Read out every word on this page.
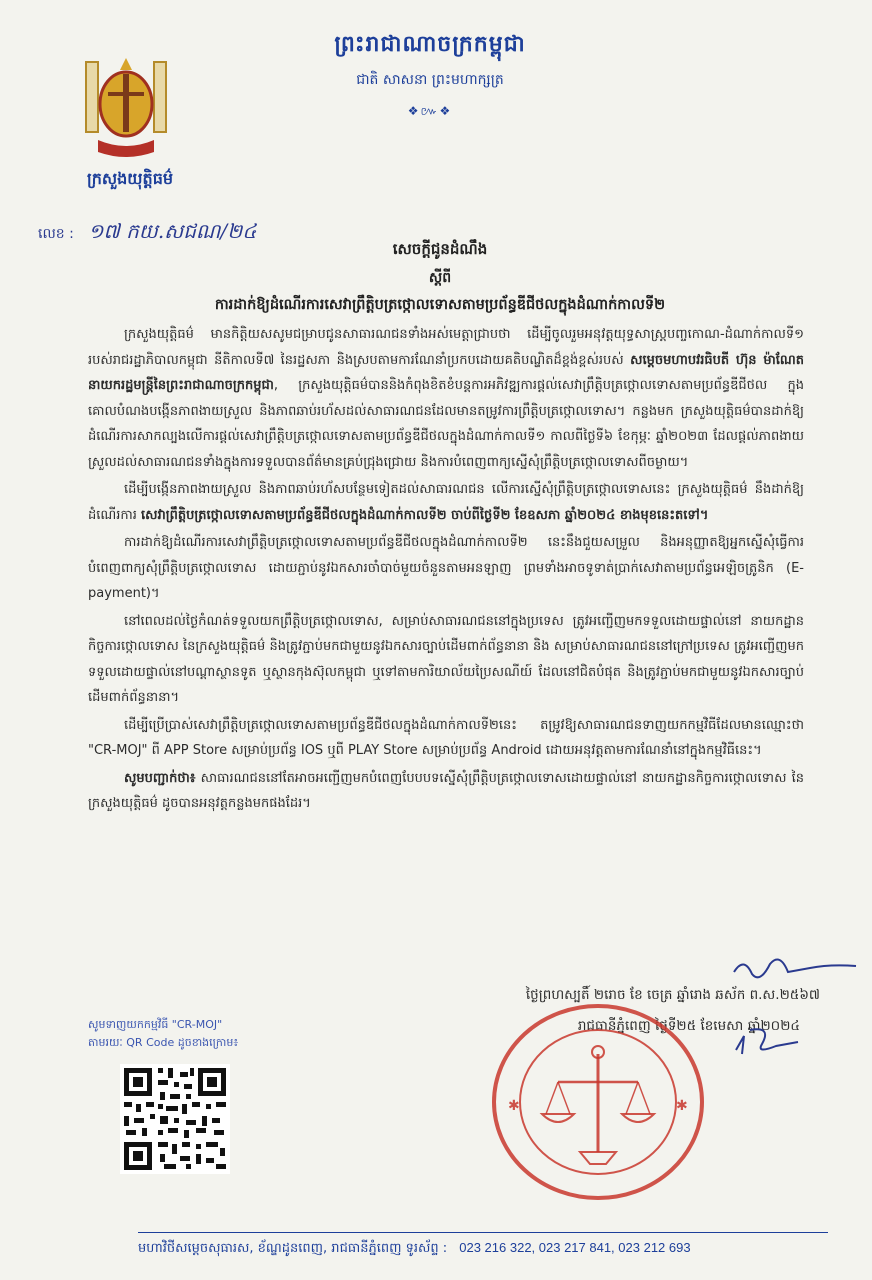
ព្រះរាជាណាចក្រកម្ពុជា
ជាតិ សាសនា ព្រះមហាក្សត្រ
❖៚❖
ក្រសួងយុត្តិធម៌
លេខ : ១៧ កយ.សជណ/២៤
សេចក្ដីជូនដំណឹង
ស្ដីពី
ការដាក់ឱ្យដំណើរការសេវាព្រឹត្តិបត្រថ្កោលទោសតាមប្រព័ន្ធឌីជីថលក្នុងដំណាក់កាលទី២

ក្រសួងយុត្តិធម៌ មានកិត្តិយសសូមជម្រាបជូនសាធារណជនទាំងអស់មេត្តាជ្រាបថា ដើម្បីចូលរួមអនុវត្តយុទ្ធសាស្ត្របញ្ចកោណ-ដំណាក់កាលទី១ របស់រាជរដ្ឋាភិបាលកម្ពុជា នីតិកាលទី៧ នៃរដ្ឋសភា និងស្របតាមការណែនាំប្រកបដោយគតិបណ្ឌិតដ៏ខ្ពង់ខ្ពស់របស់ សម្ដេចមហាបវរធិបតី ហ៊ុន ម៉ាណែត នាយករដ្ឋមន្ត្រីនៃព្រះរាជាណាចក្រកម្ពុជា, ក្រសួងយុត្តិធម៌បាននិងកំពុងខិតខំបន្តការអភិវឌ្ឍការផ្ដល់សេវាព្រឹត្តិបត្រថ្កោលទោសតាមប្រព័ន្ធឌីជីថល ក្នុងគោលបំណងបង្កើនភាពងាយស្រួល និងភាពឆាប់រហ័សដល់សាធារណជនដែលមានតម្រូវការព្រឹត្តិបត្រថ្កោលទោស។ កន្លងមក ក្រសួងយុត្តិធម៌បានដាក់ឱ្យដំណើរការសាកល្បងលើការផ្ដល់សេវាព្រឹត្តិបត្រថ្កោលទោសតាមប្រព័ន្ធឌីជីថលក្នុងដំណាក់កាលទី១ កាលពីថ្ងៃទី៦ ខែកុម្ភៈ ឆ្នាំ២០២៣ ដែលផ្ដល់ភាពងាយស្រួលដល់សាធារណជនទាំងក្នុងការទទួលបានព័ត៌មានគ្រប់ជ្រុងជ្រោយ និងការបំពេញពាក្យស្នើសុំព្រឹត្តិបត្រថ្កោលទោសពីចម្ងាយ។

ដើម្បីបង្កើនភាពងាយស្រួល និងភាពឆាប់រហ័សបន្ថែមទៀតដល់សាធារណជន លើការស្នើសុំព្រឹត្តិបត្រថ្កោលទោសនេះ ក្រសួងយុត្តិធម៌ នឹងដាក់ឱ្យដំណើរការ សេវាព្រឹត្តិបត្រថ្កោលទោសតាមប្រព័ន្ធឌីជីថលក្នុងដំណាក់កាលទី២ ចាប់ពីថ្ងៃទី២ ខែឧសភា ឆ្នាំ២០២៤ ខាងមុខនេះតទៅ។

ការដាក់ឱ្យដំណើរការសេវាព្រឹត្តិបត្រថ្កោលទោសតាមប្រព័ន្ធឌីជីថលក្នុងដំណាក់កាលទី២ នេះនឹងជួយសម្រួល និងអនុញ្ញាតឱ្យអ្នកស្នើសុំធ្វើការបំពេញពាក្យសុំព្រឹត្តិបត្រថ្កោលទោស ដោយភ្ជាប់នូវឯកសារចាំបាច់មួយចំនួនតាមអនឡាញ ព្រមទាំងអាចទូទាត់ប្រាក់សេវាតាមប្រព័ន្ធអេឡិចត្រូនិក (E-payment)។

នៅពេលដល់ថ្ងៃកំណត់ទទួលយកព្រឹត្តិបត្រថ្កោលទោស, សម្រាប់សាធារណជននៅក្នុងប្រទេស ត្រូវអញ្ជើញមកទទួលដោយផ្ទាល់នៅ នាយកដ្ឋានកិច្ចការថ្កោលទោស នៃក្រសួងយុត្តិធម៌ និងត្រូវភ្ជាប់មកជាមួយនូវឯកសារច្បាប់ដើមពាក់ព័ន្ធនានា និង សម្រាប់សាធារណជននៅក្រៅប្រទេស ត្រូវអញ្ជើញមកទទួលដោយផ្ទាល់នៅបណ្ដាស្ថានទូត ឬស្ថានកុងស៊ុលកម្ពុជា ឬទៅតាមការិយាល័យប្រៃសណីយ៍ ដែលនៅជិតបំផុត និងត្រូវភ្ជាប់មកជាមួយនូវឯកសារច្បាប់ដើមពាក់ព័ន្ធនានា។

ដើម្បីប្រើប្រាស់សេវាព្រឹត្តិបត្រថ្កោលទោសតាមប្រព័ន្ធឌីជីថលក្នុងដំណាក់កាលទី២នេះ តម្រូវឱ្យសាធារណជនទាញយកកម្មវិធីដែលមានឈ្មោះថា "CR-MOJ" ពី APP Store សម្រាប់ប្រព័ន្ធ IOS ឬពី PLAY Store សម្រាប់ប្រព័ន្ធ Android ដោយអនុវត្តតាមការណែនាំនៅក្នុងកម្មវិធីនេះ។

សូមបញ្ជាក់ថា៖ សាធារណជននៅតែអាចអញ្ជើញមកបំពេញបែបបទស្នើសុំព្រឹត្តិបត្រថ្កោលទោសដោយផ្ទាល់នៅ នាយកដ្ឋានកិច្ចការថ្កោលទោស នៃក្រសួងយុត្តិធម៌ ដូចបានអនុវត្តកន្លងមកផងដែរ។

ថ្ងៃព្រហស្បតិ៍ ២រោច ខែ ចេត្រ ឆ្នាំរោង ឆស័ក ព.ស.២៥៦៧
រាជធានីភ្នំពេញ ថ្ងៃទី២៥ ខែមេសា ឆ្នាំ២០២៤
សូមទាញយកកម្មវិធី "CR-MOJ"
តាមរយៈ QR Code ដូចខាងក្រោម៖
✱	✱
មហាវិថីសម្ដេចសុធារស, ខ័ណ្ឌដូនពេញ, រាជធានីភ្នំពេញ ទូរស័ព្ទ : 023 216 322, 023 217 841, 023 212 693
